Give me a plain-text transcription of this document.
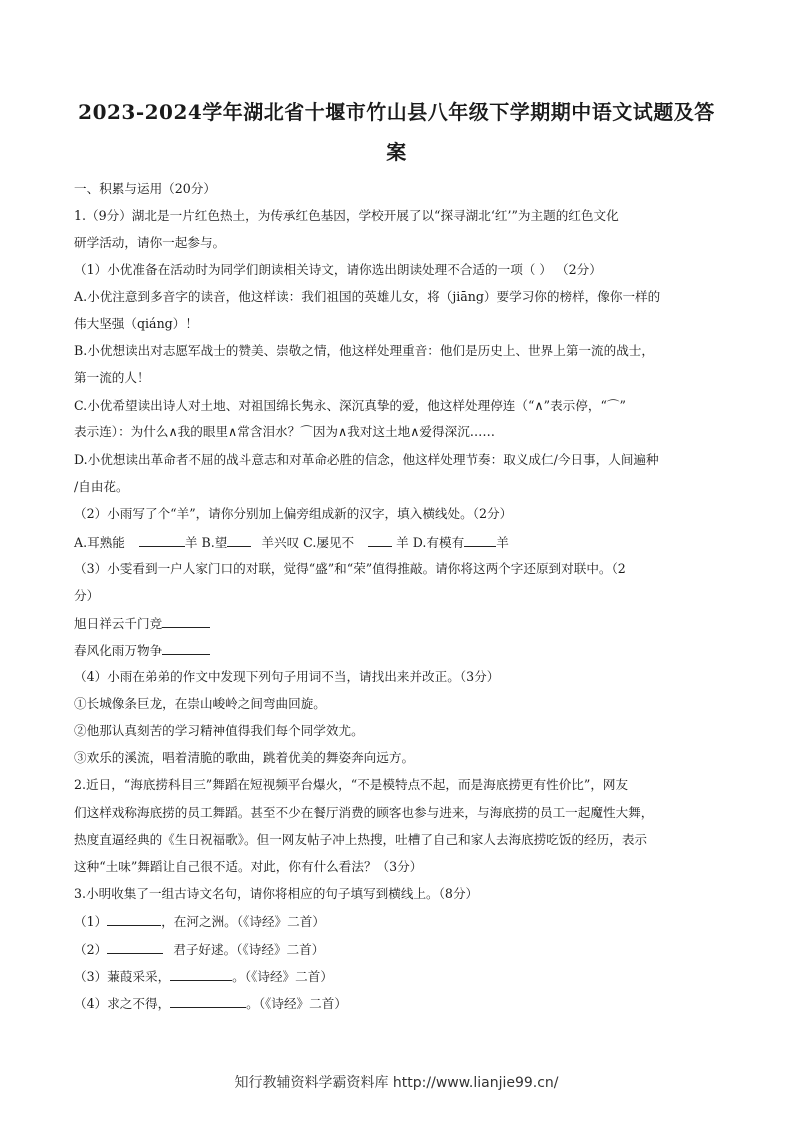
2023-2024学年湖北省十堰市竹山县八年级下学期期中语文试题及答
案
一、积累与运用（20分）
1.（9分）湖北是一片红色热土，为传承红色基因，学校开展了以“探寻湖北‘红’”为主题的红色文化
研学活动，请你一起参与。
（1）小优准备在活动时为同学们朗读相关诗文，请你选出朗读处理不合适的一项（ ） （2分）
A.小优注意到多音字的读音，他这样读：我们祖国的英雄儿女，将（jiāng）要学习你的榜样，像你一样的
伟大坚强（qiáng）！
B.小优想读出对志愿军战士的赞美、崇敬之情，他这样处理重音：他们是历史上、世界上第一流的战士，
第一流的人！
C.小优希望读出诗人对土地、对祖国绵长隽永、深沉真挚的爱，他这样处理停连（“∧”表示停，“⌒”
表示连）：为什么∧我的眼里∧常含泪水？⌒因为∧我对这土地∧爱得深沉……
D.小优想读出革命者不屈的战斗意志和对革命必胜的信念，他这样处理节奏：取义成仁/今日事，人间遍种
/自由花。
（2）小雨写了个“羊”，请你分别加上偏旁组成新的汉字，填入横线处。（2分）
A.耳熟能	羊 B.望	羊兴叹 C.屡见不	羊 D.有模有	羊
（3）小雯看到一户人家门口的对联，觉得“盛”和“荣”值得推敲。请你将这两个字还原到对联中。（2
分）
旭日祥云千门竞
春风化雨万物争
（4）小雨在弟弟的作文中发现下列句子用词不当，请找出来并改正。（3分）
①长城像条巨龙，在崇山峻岭之间弯曲回旋。
②他那认真刻苦的学习精神值得我们每个同学效尤。
③欢乐的溪流，唱着清脆的歌曲，跳着优美的舞姿奔向远方。
2.近日，“海底捞科目三”舞蹈在短视频平台爆火，“不是模特点不起，而是海底捞更有性价比”，网友
们这样戏称海底捞的员工舞蹈。甚至不少在餐厅消费的顾客也参与进来，与海底捞的员工一起魔性大舞，
热度直逼经典的《生日祝福歌》。但一网友帖子冲上热搜，吐槽了自己和家人去海底捞吃饭的经历，表示
这种“土味”舞蹈让自己很不适。对此，你有什么看法？（3分）
3.小明收集了一组古诗文名句，请你将相应的句子填写到横线上。（8分）
（1）	，在河之洲。（《诗经》二首）
（2）	君子好逑。（《诗经》二首）
（3）蒹葭采采，	。（《诗经》二首）
（4）求之不得，	。（《诗经》二首）
知行教辅资料学霸资料库 http://www.lianjie99.cn/
